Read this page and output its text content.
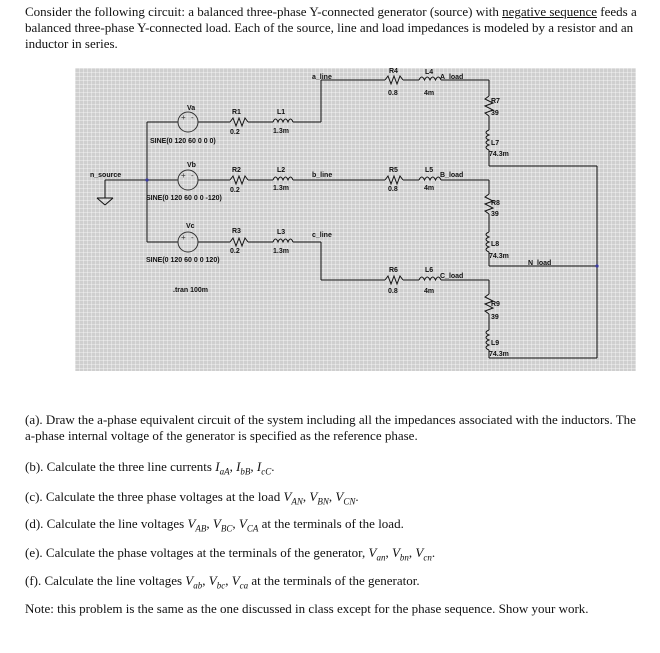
Consider the following circuit: a balanced three-phase Y-connected generator (source) with negative sequence feeds a balanced three-phase Y-connected load. Each of the source, line and load impedances is modeled by a resistor and an inductor in series.
+ -
+ -
+ -
n_source
Va
Vb
Vc
SINE(0 120 60 0 0 0)
SINE(0 120 60 0 0 -120)
SINE(0 120 60 0 0 120)
R1
0.2
R2
0.2
R3
0.2
L1
1.3m
L2
1.3m
L3
1.3m
a_line
b_line
c_line
R4
0.8
R5
0.8
R6
0.8
L4
4m
L5
4m
L6
4m
A_load
B_load
C_load
R7
39
L7
74.3m
R8
39
L8
74.3m
N_load
R9
39
L9
74.3m
.tran 100m
(a). Draw the a-phase equivalent circuit of the system including all the impedances associated with the inductors. The a-phase internal voltage of the generator is specified as the reference phase.
(b). Calculate the three line currents $I_{aA}$, $I_{bB}$, $I_{cC}$.
(c). Calculate the three phase voltages at the load $V_{AN}$, $V_{BN}$, $V_{CN}$.
(d). Calculate the line voltages $V_{AB}$, $V_{BC}$, $V_{CA}$ at the terminals of the load.
(e). Calculate the phase voltages at the terminals of the generator, $V_{an}$, $V_{bn}$, $V_{cn}$.
(f). Calculate the line voltages $V_{ab}$, $V_{bc}$, $V_{ca}$ at the terminals of the generator.
Note: this problem is the same as the one discussed in class except for the phase sequence. Show your work.
